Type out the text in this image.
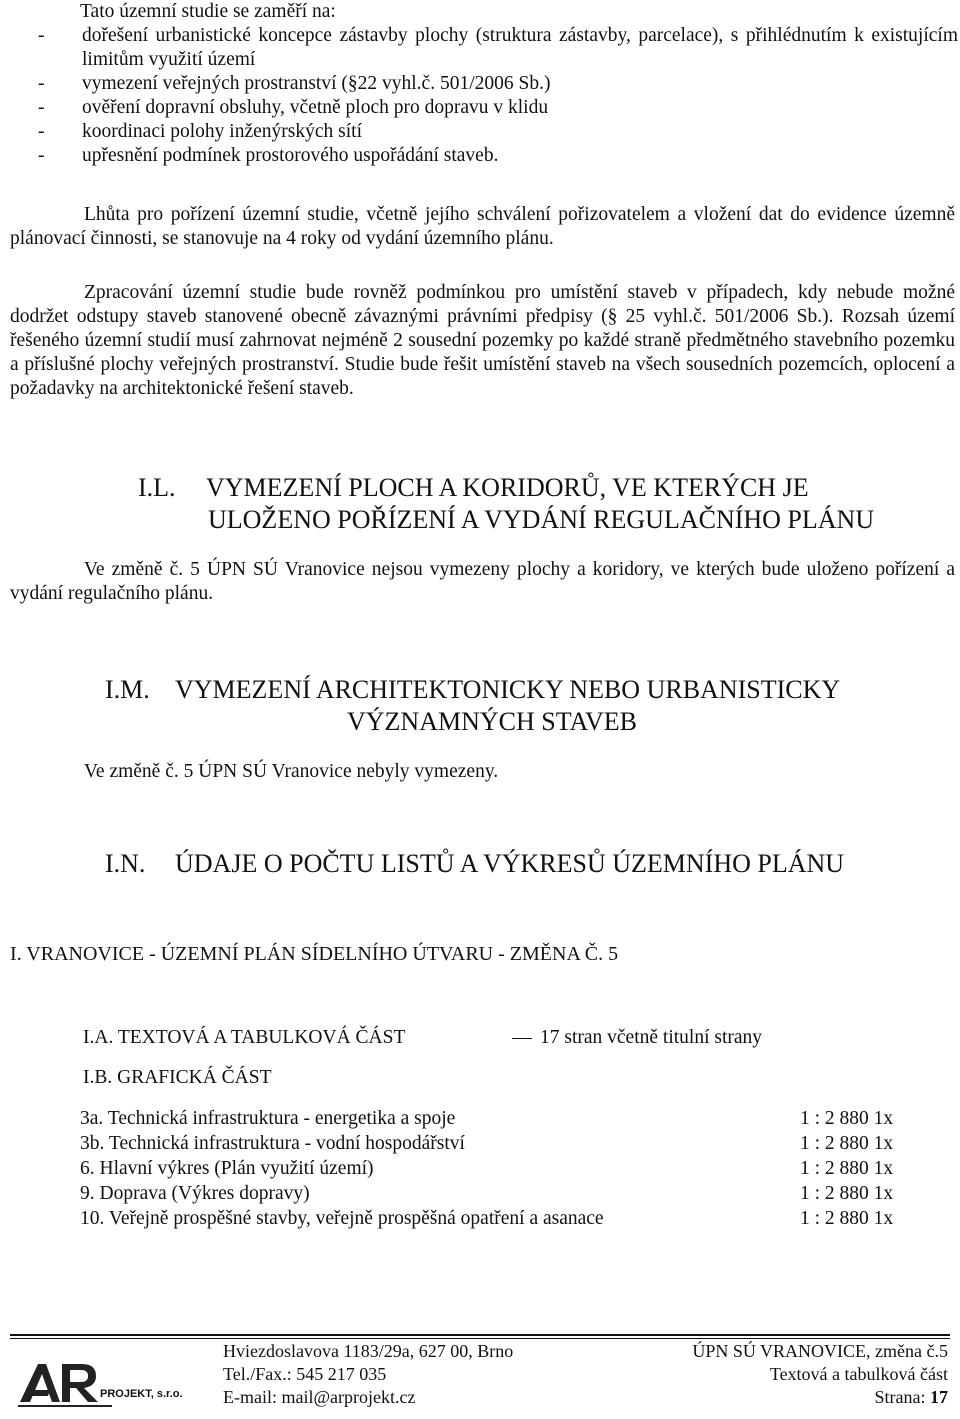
Tato územní studie se zaměří na:
- dořešení urbanistické koncepce zástavby plochy (struktura zástavby, parcelace), s přihlédnutím k existujícím limitům využití území
- vymezení veřejných prostranství (§22 vyhl.č. 501/2006 Sb.)
- ověření dopravní obsluhy, včetně ploch pro dopravu v klidu
- koordinaci polohy inženýrských sítí
- upřesnění podmínek prostorového uspořádání staveb.

Lhůta pro pořízení územní studie, včetně jejího schválení pořizovatelem a vložení dat do evidence územně plánovací činnosti, se stanovuje na 4 roky od vydání územního plánu.

Zpracování územní studie bude rovněž podmínkou pro umístění staveb v případech, kdy nebude možné dodržet odstupy staveb stanovené obecně závaznými právními předpisy (§ 25 vyhl.č. 501/2006 Sb.). Rozsah území řešeného územní studií musí zahrnovat nejméně 2 sousední pozemky po každé straně předmětného stavebního pozemku a příslušné plochy veřejných prostranství. Studie bude řešit umístění staveb na všech sousedních pozemcích, oplocení a požadavky na architektonické řešení staveb.

I.L. VYMEZENÍ PLOCH A KORIDORŮ, VE KTERÝCH JE
ULOŽENO POŘÍZENÍ A VYDÁNÍ REGULAČNÍHO PLÁNU

Ve změně č. 5 ÚPN SÚ Vranovice nejsou vymezeny plochy a koridory, ve kterých bude uloženo pořízení a vydání regulačního plánu.

I.M. VYMEZENÍ ARCHITEKTONICKY NEBO URBANISTICKY
VÝZNAMNÝCH STAVEB

Ve změně č. 5 ÚPN SÚ Vranovice nebyly vymezeny.

I.N. ÚDAJE O POČTU LISTŮ A VÝKRESŮ ÚZEMNÍHO PLÁNU
I. VRANOVICE - ÚZEMNÍ PLÁN SÍDELNÍHO ÚTVARU - ZMĚNA Č. 5
I.A. TEXTOVÁ A TABULKOVÁ ČÁST	17 stran včetně titulní strany
I.B. GRAFICKÁ ČÁST
3a. Technická infrastruktura - energetika a spoje	1 : 2 880 1x
3b. Technická infrastruktura - vodní hospodářství	1 : 2 880 1x
6. Hlavní výkres (Plán využití území)	1 : 2 880 1x
9. Doprava (Výkres dopravy)	1 : 2 880 1x
10. Veřejně prospěšné stavby, veřejně prospěšná opatření a asanace	1 : 2 880 1x
PROJEKT, s.r.o.
Hviezdoslavova 1183/29a, 627 00, Brno
Tel./Fax.: 545 217 035
E-mail: mail@arprojekt.cz
ÚPN SÚ VRANOVICE, změna č.5
Textová a tabulková část
Strana: 17
